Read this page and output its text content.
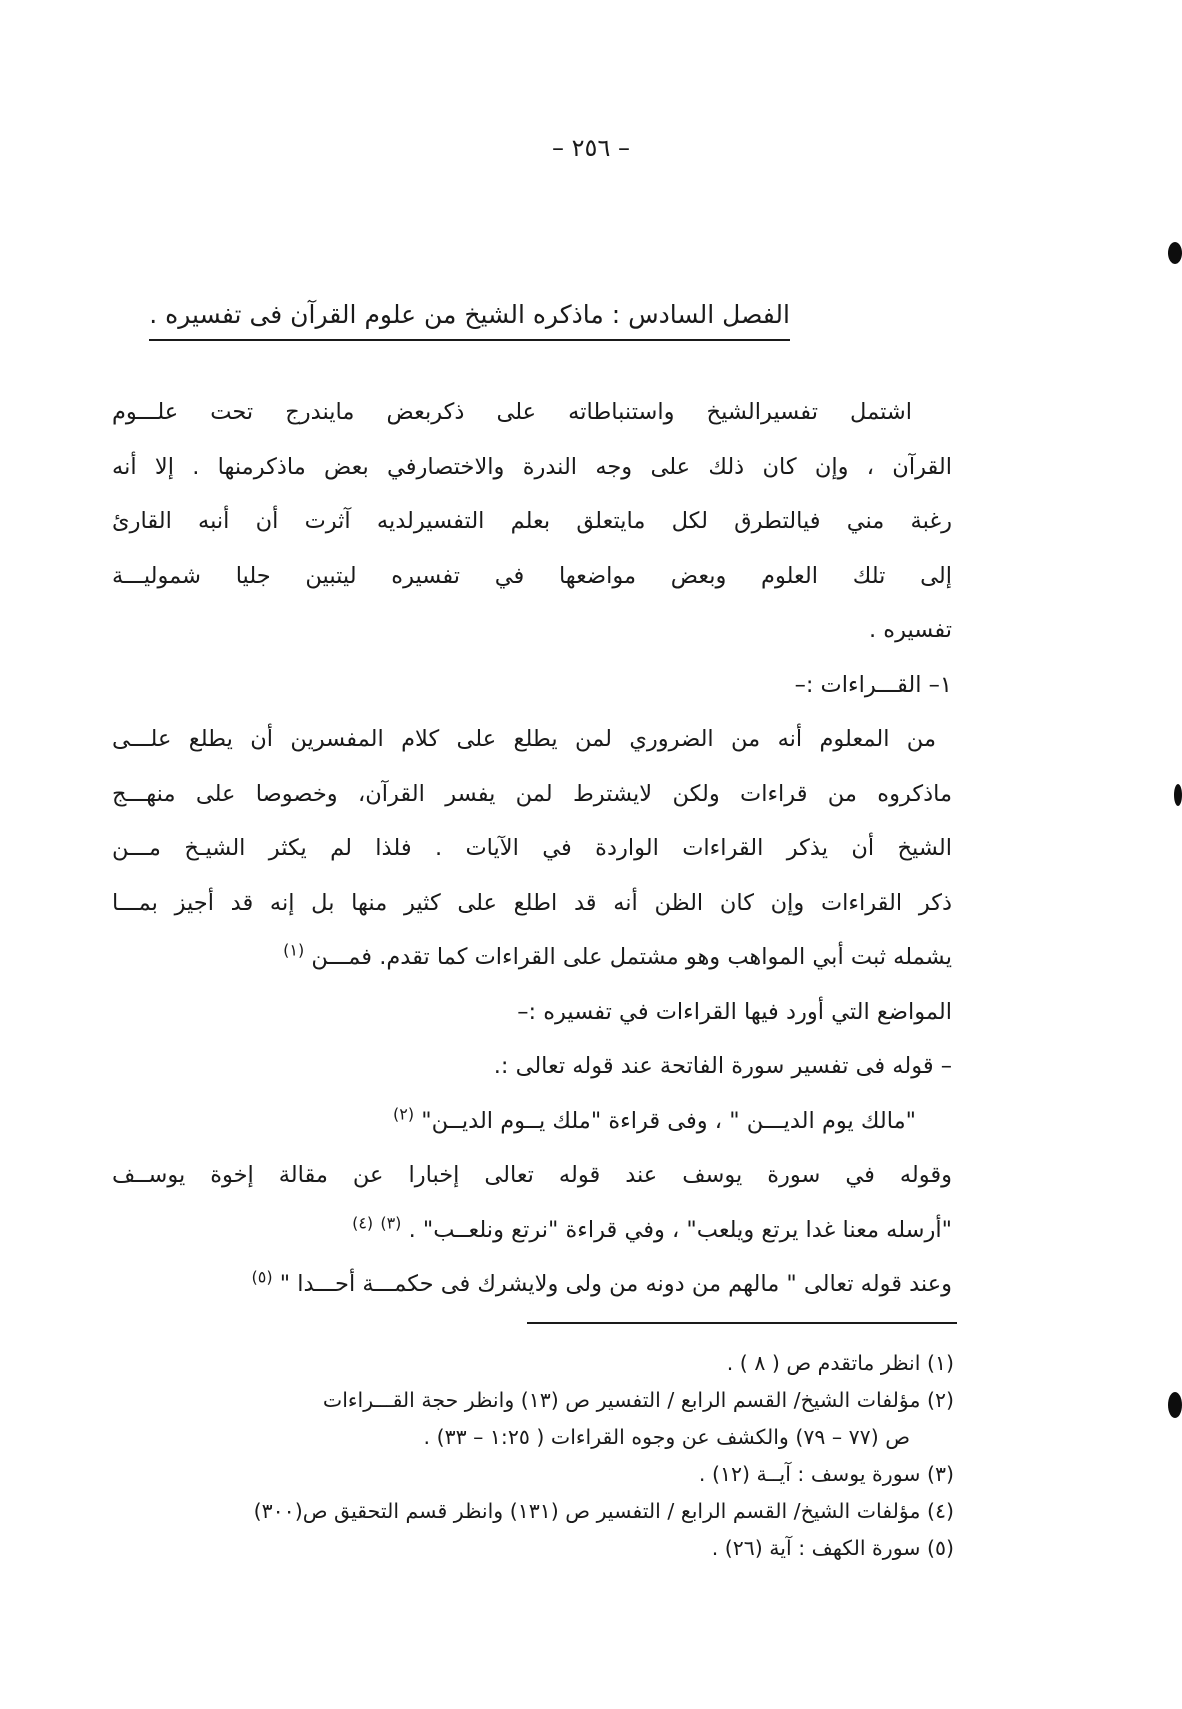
– ٢٥٦ –
الفصل السادس : ماذكره الشيخ من علوم القرآن فى تفسيره .
اشتمل تفسيرالشيخ واستنباطاته على ذكربعض مايندرج تحت علـــوم
القرآن ، وإن كان ذلك على وجه الندرة والاختصارفي بعض ماذكرمنها . إلا أنه
رغبة مني فيالتطرق لكل مايتعلق بعلم التفسيرلديه آثرت أن أنبه القارئ
إلى تلك العلوم وبعض مواضعها في تفسيره ليتبين جليا شموليـــة
تفسيره .
١– القـــراءات :–
من المعلوم أنه من الضروري لمن يطلع على كلام المفسرين أن يطلع علـــى
ماذكروه من قراءات ولكن لايشترط لمن يفسر القرآن، وخصوصا على منهـــج
الشيخ أن يذكر القراءات الواردة في الآيات . فلذا لم يكثر الشيـخ مـــن
ذكر القراءات وإن كان الظن أنه قد اطلع على كثير منها بل إنه قد أجيز بمـــا
يشمله ثبت أبي المواهب وهو مشتمل على القراءات كما تقدم. فمـــن $^{(١)}$
المواضع التي أورد فيها القراءات في تفسيره :–
– قوله فى تفسير سورة الفاتحة عند قوله تعالى :.
"مالك يوم الديـــن " ، وفى قراءة "ملك يــوم الديــن" $^{(٢)}$
وقوله في سورة يوسف عند قوله تعالى إخبارا عن مقالة إخوة يوســف
"أرسله معنا غدا يرتع ويلعب" ، وفي قراءة "نرتع ونلعــب" . $^{(٣)}$ $^{(٤)}$
وعند قوله تعالى " مالهم من دونه من ولى ولايشرك فى حكمـــة أحـــدا " $^{(٥)}$
(١) انظر ماتقدم ص ( ٨ ) .
(٢) مؤلفات الشيخ/ القسم الرابع / التفسير ص (١٣) وانظر حجة القـــراءات
ص (٧٧ – ٧٩) والكشف عن وجوه القراءات ( ١:٢٥ – ٣٣) .
(٣) سورة يوسف : آيــة (١٢) .
(٤) مؤلفات الشيخ/ القسم الرابع / التفسير ص (١٣١) وانظر قسم التحقيق ص(٣٠٠)
(٥) سورة الكهف : آية (٢٦) .
